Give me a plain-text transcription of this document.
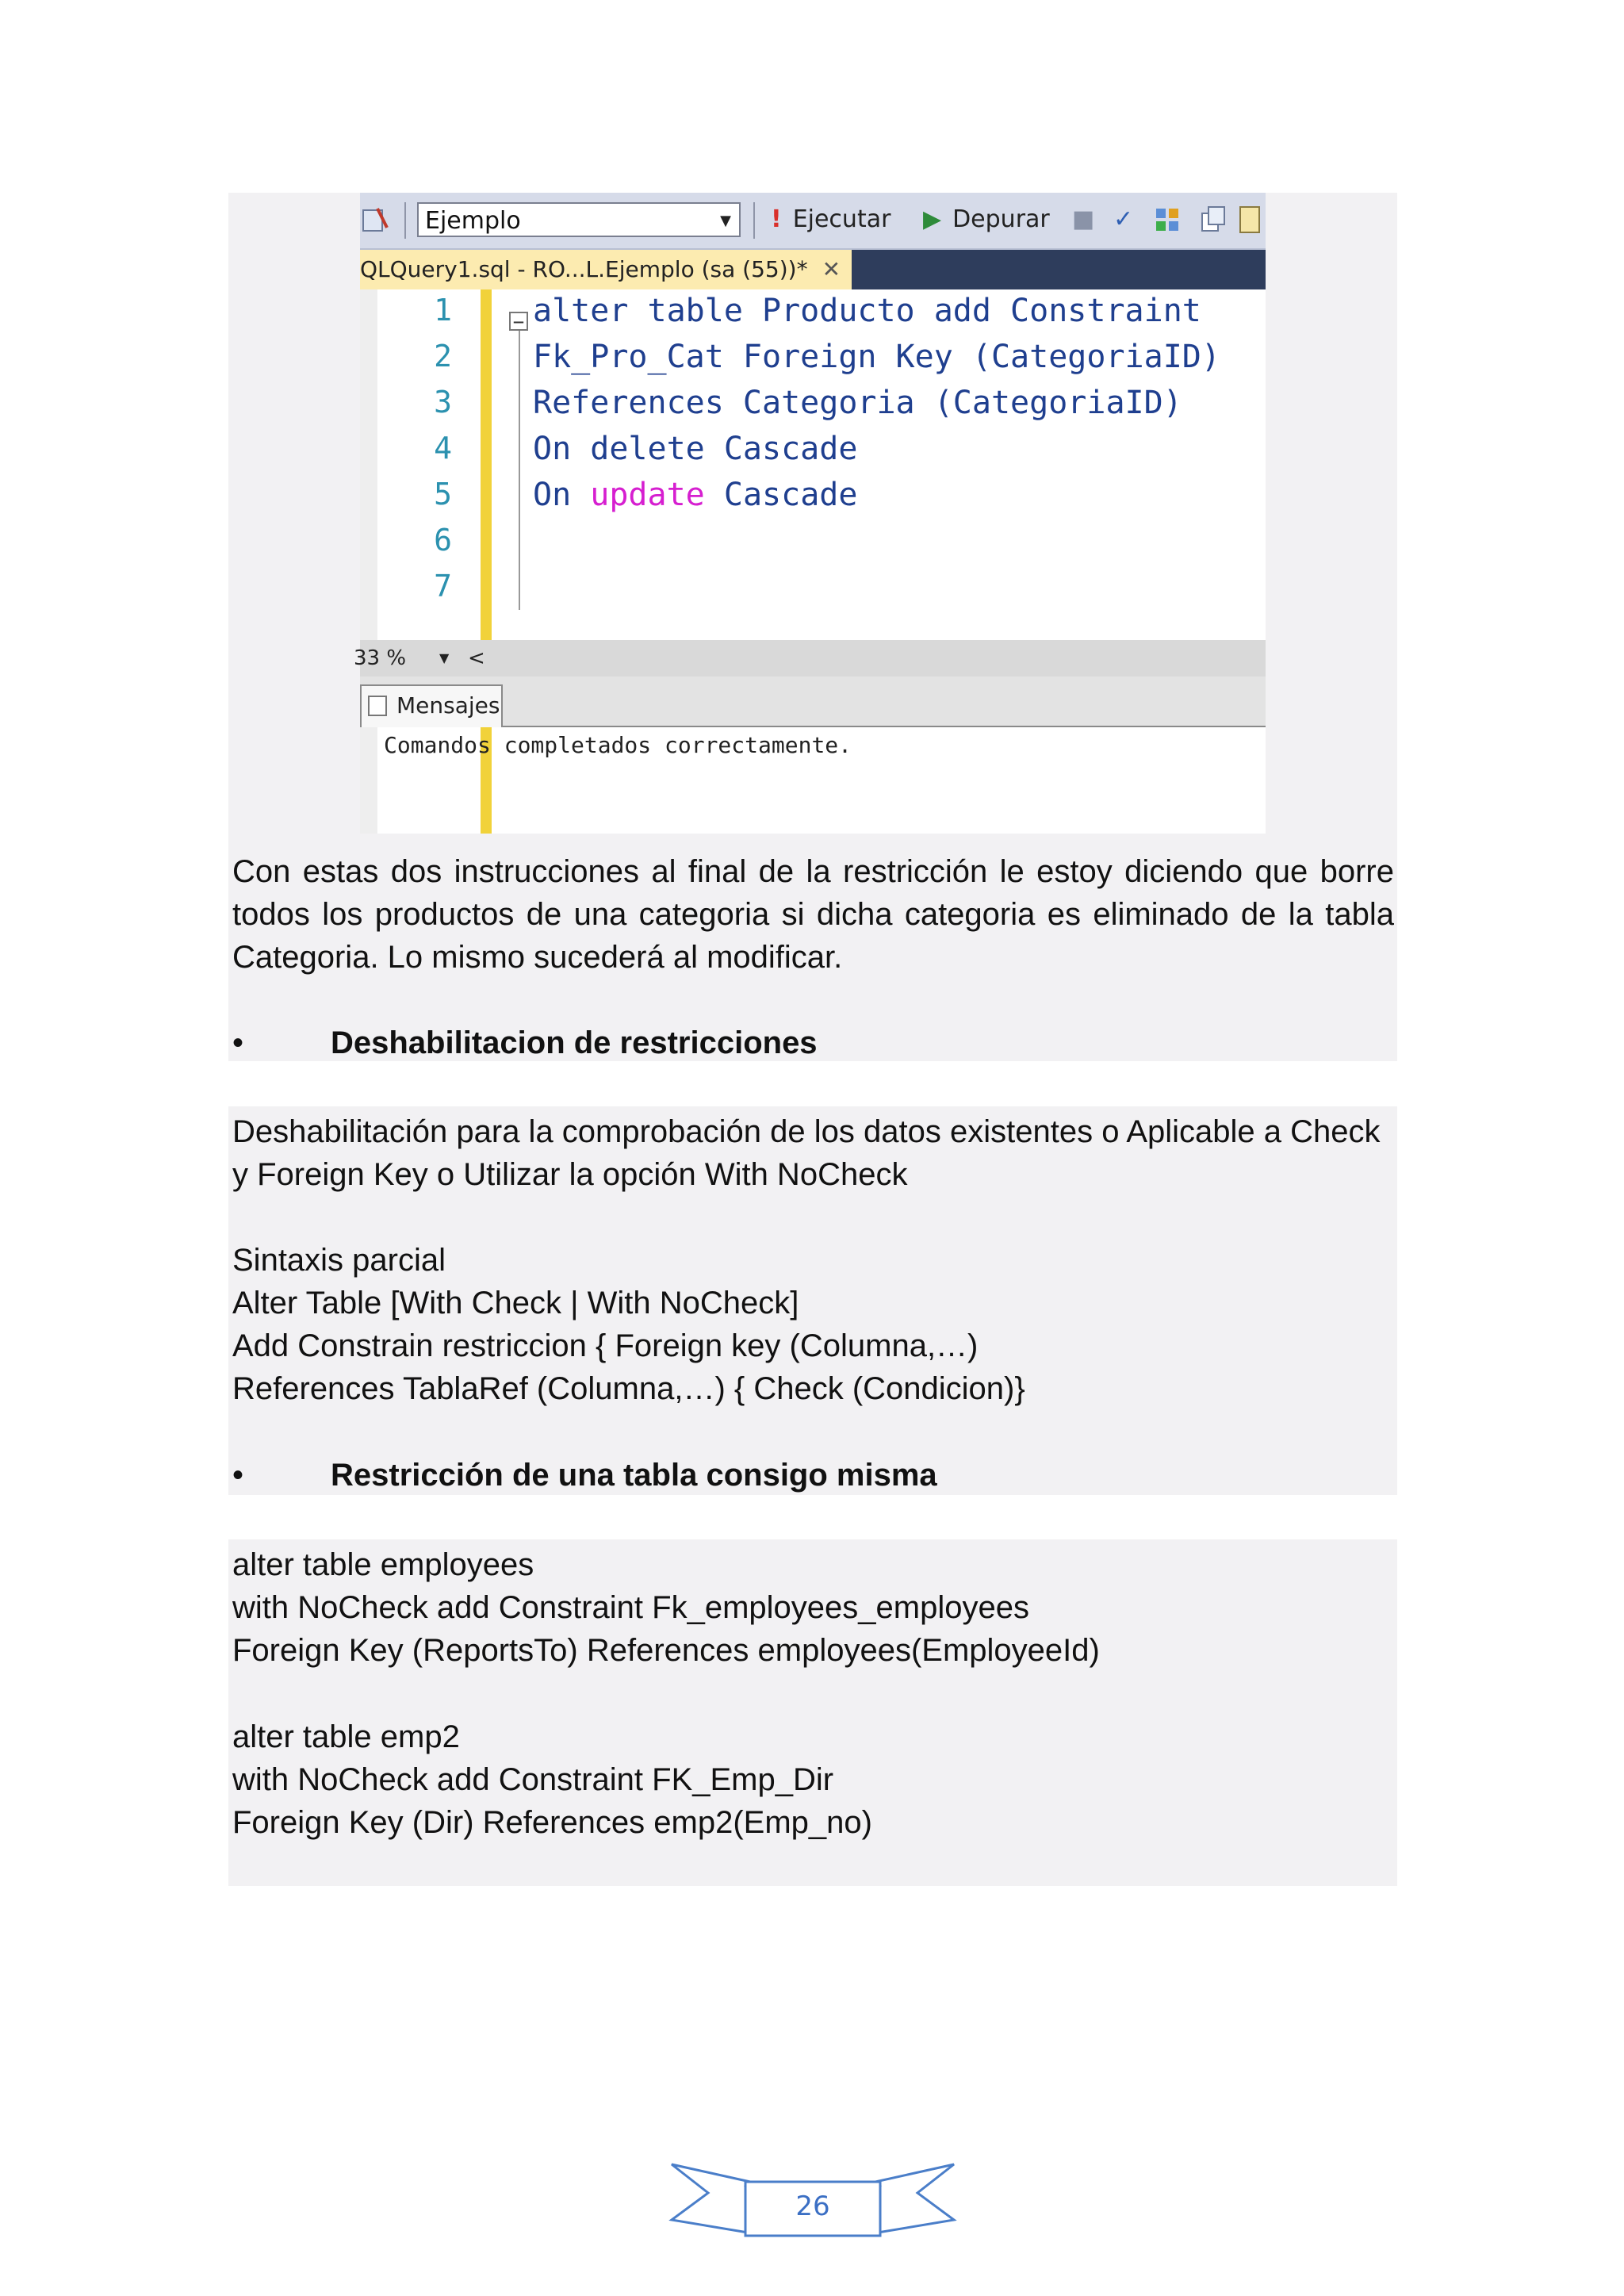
Ejemplo	▼ ! Ejecutar ▶ Depurar ■ ✓
QLQuery1.sql - RO...L.Ejemplo (sa (55))* ✕
1
2
3
4
5
6
7
− alter table Producto add Constraint
Fk_Pro_Cat Foreign Key (CategoriaID)
References Categoria (CategoriaID)
On delete Cascade
On update Cascade
33 %	▼ <
Mensajes
Comandos completados correctamente.

Con estas dos instrucciones al final de la restricción le estoy diciendo que borre todos los productos de una categoria si dicha categoria es eliminado de la tabla Categoria. Lo mismo sucederá al modificar.

•	Deshabilitacion de restricciones

Deshabilitación para la comprobación de los datos existentes o Aplicable a Check y Foreign Key o Utilizar la opción With NoCheck

Sintaxis parcial
Alter Table [With Check | With NoCheck]
Add Constrain restriccion { Foreign key (Columna,…)
References TablaRef (Columna,…) { Check (Condicion)}
•	Restricción de una tabla consigo misma
alter table employees
with NoCheck add Constraint Fk_employees_employees
Foreign Key (ReportsTo) References employees(EmployeeId)
alter table emp2
with NoCheck add Constraint FK_Emp_Dir
Foreign Key (Dir) References emp2(Emp_no)
26
